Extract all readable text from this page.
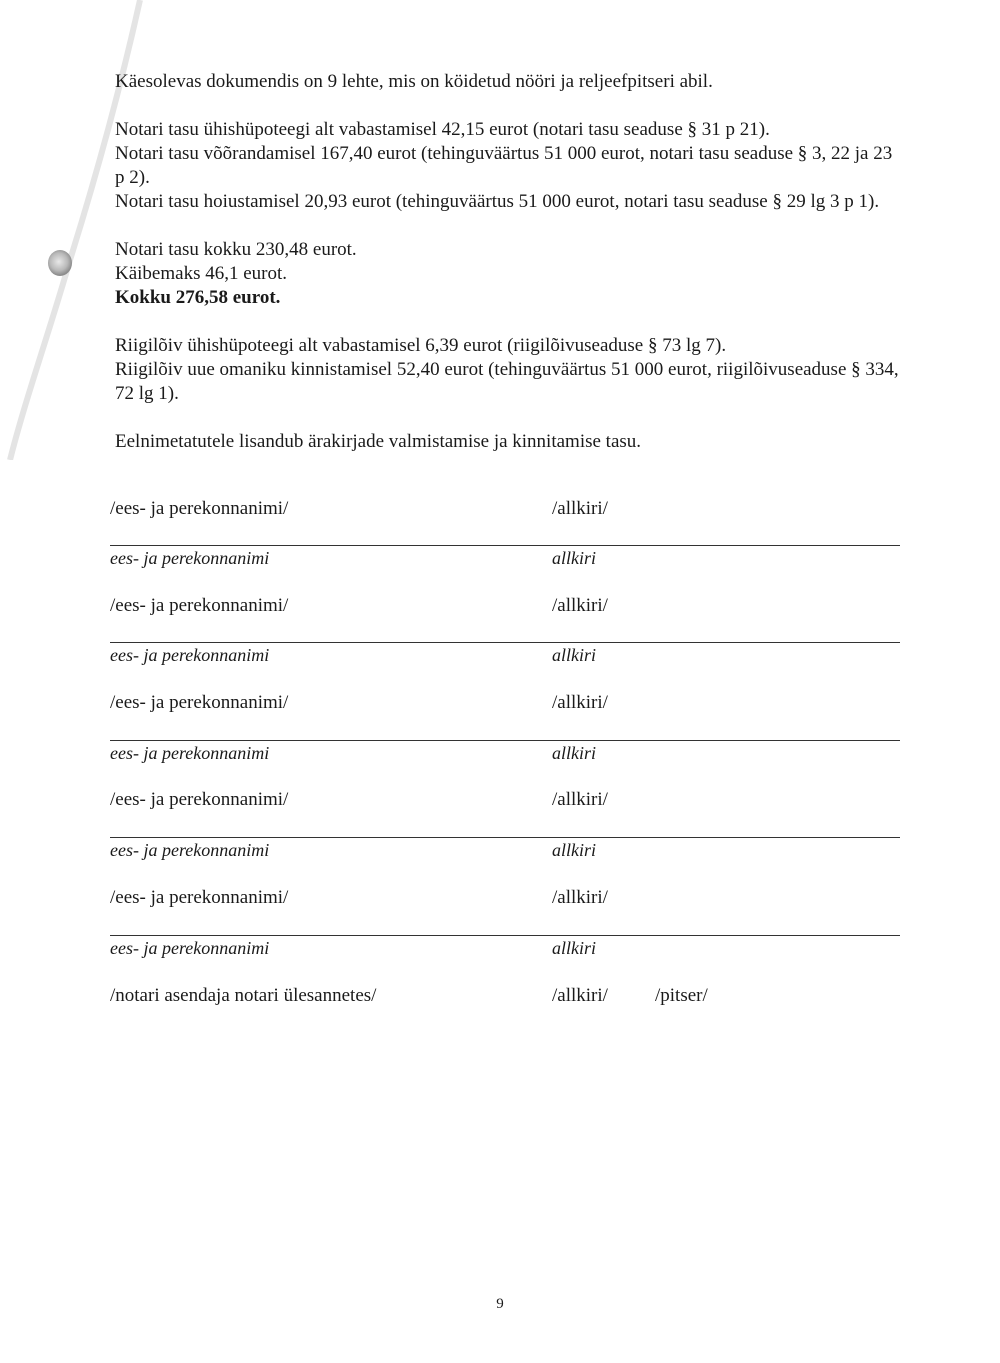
Käesolevas dokumendis on 9 lehte, mis on köidetud nööri ja reljeefpitseri abil.

Notari tasu ühishüpoteegi alt vabastamisel 42,15 eurot (notari tasu seaduse § 31 p 21).

Notari tasu võõrandamisel 167,40 eurot (tehinguväärtus 51 000 eurot, notari tasu seaduse § 3, 22 ja 23 p 2).

Notari tasu hoiustamisel 20,93 eurot (tehinguväärtus 51 000 eurot, notari tasu seaduse § 29 lg 3 p 1).

Notari tasu kokku 230,48 eurot.

Käibemaks 46,1 eurot.

Kokku 276,58 eurot.

Riigilõiv ühishüpoteegi alt vabastamisel 6,39 eurot (riigilõivuseaduse § 73 lg 7).

Riigilõiv uue omaniku kinnistamisel 52,40 eurot (tehinguväärtus 51 000 eurot, riigilõivuseaduse § 334, 72 lg 1).

Eelnimetatutele lisandub ärakirjade valmistamise ja kinnitamise tasu.

/ees- ja perekonnanimi/	/allkiri/
ees- ja perekonnanimi	allkiri
/ees- ja perekonnanimi/	/allkiri/
ees- ja perekonnanimi	allkiri
/ees- ja perekonnanimi/	/allkiri/
ees- ja perekonnanimi	allkiri
/ees- ja perekonnanimi/	/allkiri/
ees- ja perekonnanimi	allkiri
/ees- ja perekonnanimi/	/allkiri/
ees- ja perekonnanimi	allkiri
/notari asendaja notari ülesannetes/	/allkiri/ /pitser/
9
